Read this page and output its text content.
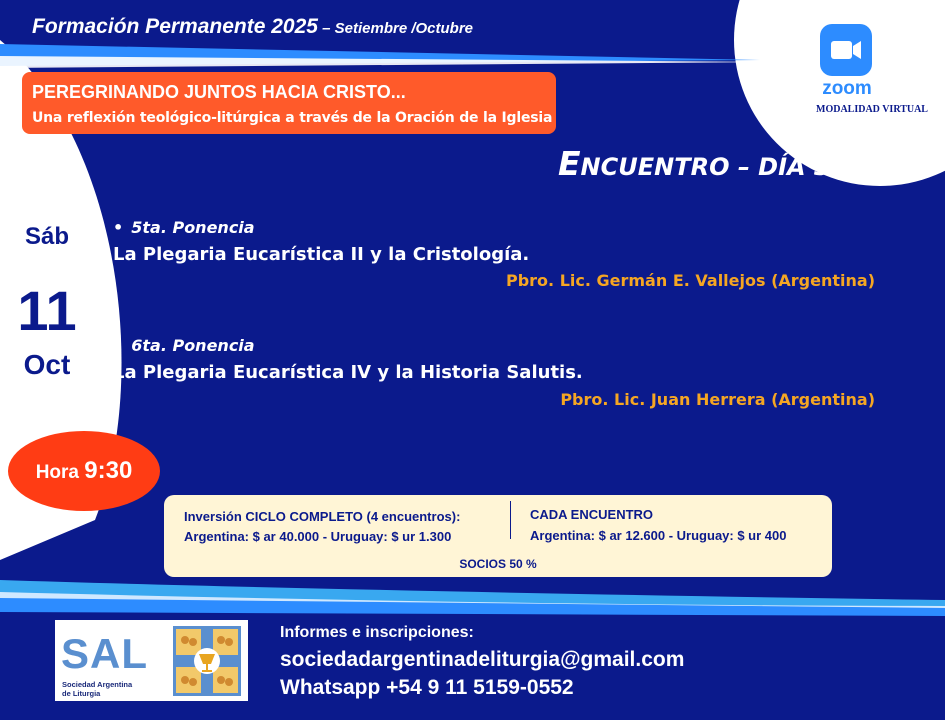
Formación Permanente 2025 – Setiembre /Octubre
PEREGRINANDO JUNTOS HACIA CRISTO...
Una reflexión teológico-litúrgica a través de la Oración de la Iglesia
zoom
MODALIDAD VIRTUAL
ENCUENTRO – DÍA 3
Sáb
11
Oct
• 5ta. Ponencia
La Plegaria Eucarística II y la Cristología.
Pbro. Lic. Germán E. Vallejos (Argentina)
• 6ta. Ponencia
La Plegaria Eucarística IV y la Historia Salutis.
Pbro. Lic. Juan Herrera (Argentina)
Hora 9:30
Inversión CICLO COMPLETO (4 encuentros):
Argentina: $ ar 40.000 - Uruguay: $ ur 1.300
CADA ENCUENTRO
Argentina: $ ar 12.600 - Uruguay: $ ur 400
SOCIOS 50 %
SAL
Sociedad Argentina
de Liturgia
Informes e inscripciones:
sociedadargentinadeliturgia@gmail.com
Whatsapp +54 9 11 5159-0552
